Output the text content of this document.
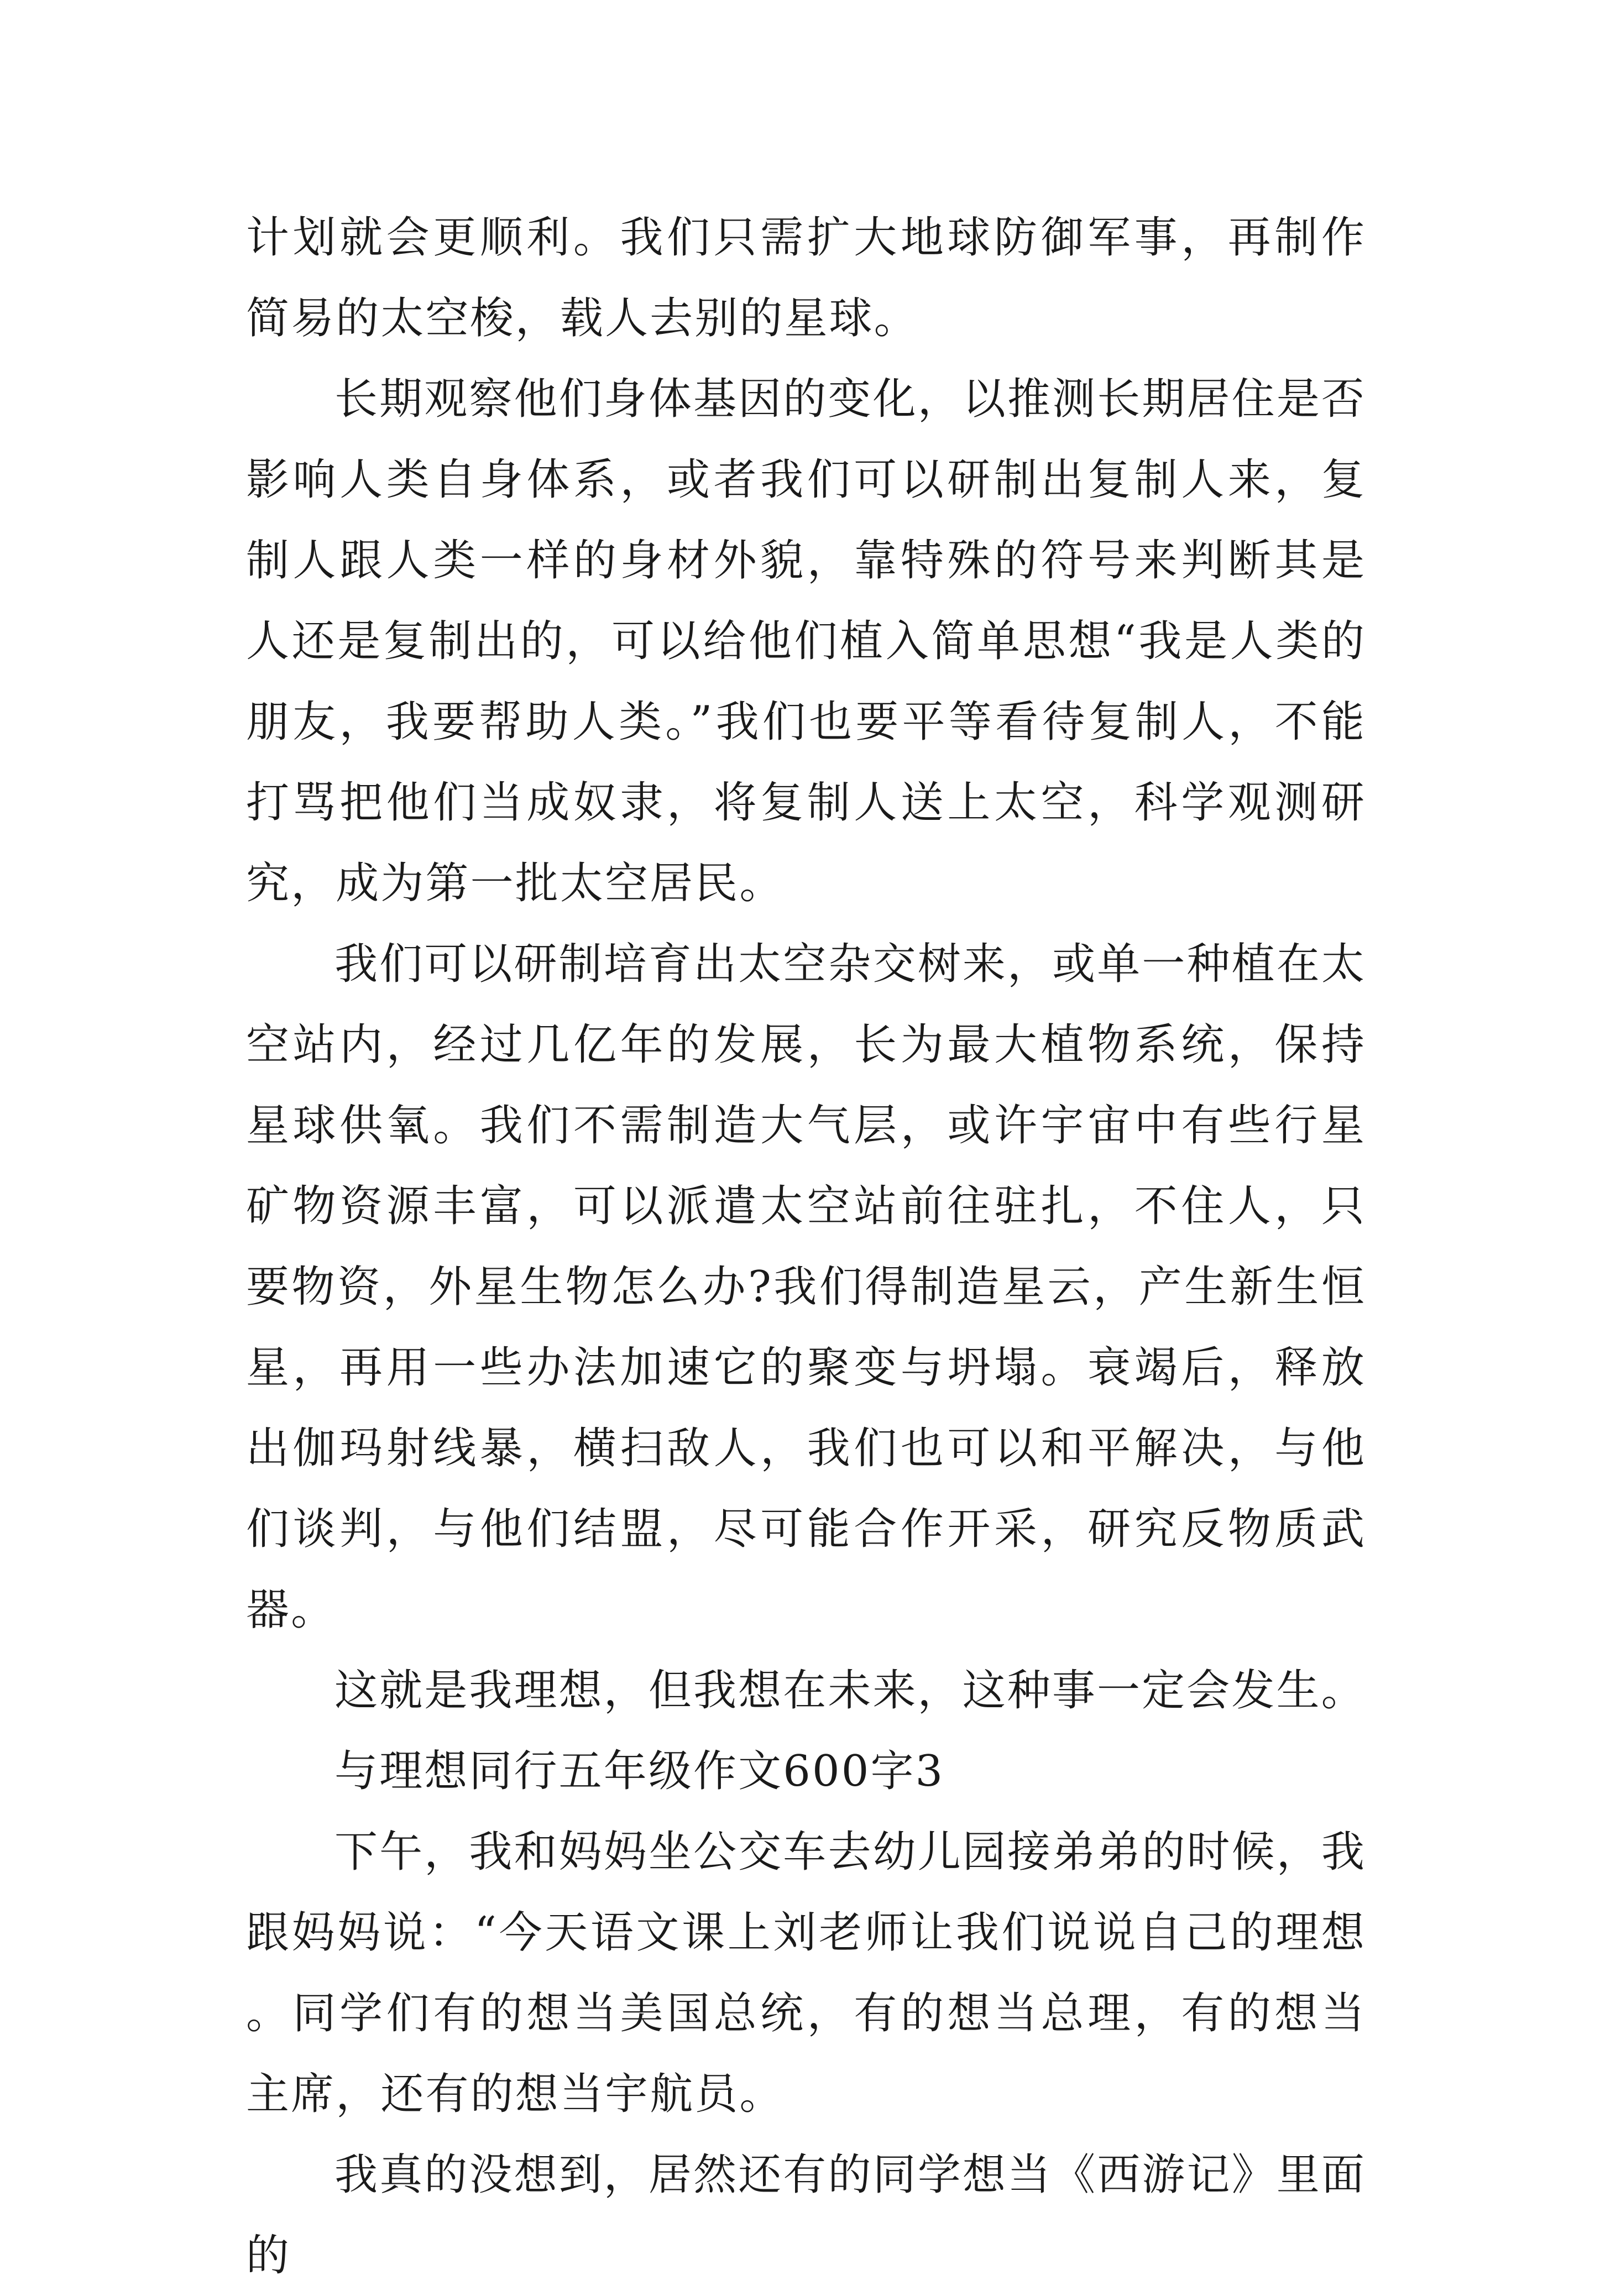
计划就会更顺利。我们只需扩大地球防御军事，再制作简易的太空梭，载人去别的星球。

长期观察他们身体基因的变化，以推测长期居住是否影响人类自身体系，或者我们可以研制出复制人来，复制人跟人类一样的身材外貌，靠特殊的符号来判断其是人还是复制出的，可以给他们植入简单思想“我是人类的朋友，我要帮助人类。”我们也要平等看待复制人，不能打骂把他们当成奴隶，将复制人送上太空，科学观测研究，成为第一批太空居民。

我们可以研制培育出太空杂交树来，或单一种植在太空站内，经过几亿年的发展，长为最大植物系统，保持星球供氧。我们不需制造大气层，或许宇宙中有些行星矿物资源丰富，可以派遣太空站前往驻扎，不住人，只要物资，外星生物怎么办?我们得制造星云，产生新生恒星，再用一些办法加速它的聚变与坍塌。衰竭后，释放出伽玛射线暴，横扫敌人，我们也可以和平解决，与他们谈判，与他们结盟，尽可能合作开采，研究反物质武器。

这就是我理想，但我想在未来，这种事一定会发生。

与理想同行五年级作文600字3

下午，我和妈妈坐公交车去幼儿园接弟弟的时候，我跟妈妈说：“今天语文课上刘老师让我们说说自己的理想。同学们有的想当美国总统，有的想当总理，有的想当主席，还有的想当宇航员。

我真的没想到，居然还有的同学想当《西游记》里面的
